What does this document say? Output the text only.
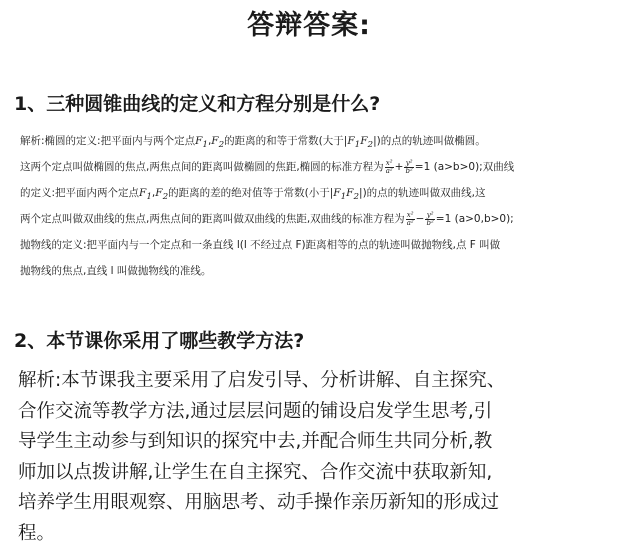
答辩答案:
1、三种圆锥曲线的定义和方程分别是什么?
解析:椭圆的定义:把平面内与两个定点$F_1,F_2$的距离的和等于常数(大于$|F_1F_2|$)的点的轨迹叫做椭圆。
这两个定点叫做椭圆的焦点,两焦点间的距离叫做椭圆的焦距,椭圆的标准方程为 $\frac{\text{x²}}{\text{a²}} + \frac{\text{y²}}{\text{b²}} =1$ (a>b>0);双曲线
的定义:把平面内两个定点$F_1,F_2$的距离的差的绝对值等于常数(小于$|F_1F_2|$)的点的轨迹叫做双曲线,这
两个定点叫做双曲线的焦点,两焦点间的距离叫做双曲线的焦距,双曲线的标准方程为 $\frac{\text{x²}}{\text{a²}} - \frac{\text{y²}}{\text{b²}} =1$ (a>0,b>0);
抛物线的定义:把平面内与一个定点和一条直线 l(l 不经过点 F)距离相等的点的轨迹叫做抛物线,点 F 叫做
抛物线的焦点,直线 l 叫做抛物线的准线。
2、本节课你采用了哪些教学方法?
解析:本节课我主要采用了启发引导、分析讲解、自主探究、
合作交流等教学方法,通过层层问题的铺设启发学生思考,引
导学生主动参与到知识的探究中去,并配合师生共同分析,教
师加以点拨讲解,让学生在自主探究、合作交流中获取新知,
培养学生用眼观察、用脑思考、动手操作亲历新知的形成过
程。
